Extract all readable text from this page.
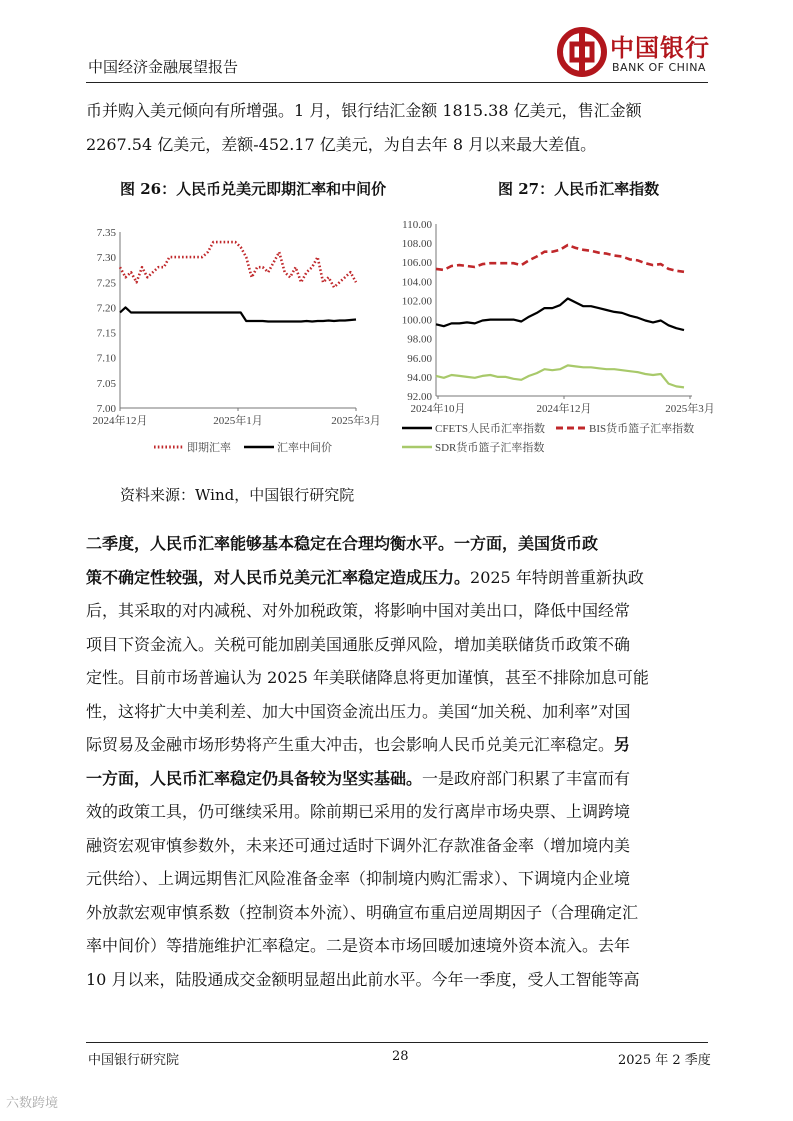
中国经济金融展望报告
中国银行
BANK OF CHINA
币并购入美元倾向有所增强。1 月，银行结汇金额 1815.38 亿美元，售汇金额
2267.54 亿美元，差额-452.17 亿美元，为自去年 8 月以来最大差值。
图 26：人民币兑美元即期汇率和中间价	图 27：人民币汇率指数
7.35
7.30
7.25
7.20
7.15
7.10
7.05
7.00
2024年12月	2025年1月	2025年3月
即期汇率	汇率中间价
110.00
108.00
106.00
104.00
102.00
100.00
98.00
96.00
94.00
92.00
2024年10月	2024年12月	2025年3月
CFETS人民币汇率指数	BIS货币篮子汇率指数
SDR货币篮子汇率指数
资料来源：Wind，中国银行研究院
二季度，人民币汇率能够基本稳定在合理均衡水平。一方面，美国货币政
策不确定性较强，对人民币兑美元汇率稳定造成压力。2025 年特朗普重新执政
后，其采取的对内减税、对外加税政策，将影响中国对美出口，降低中国经常
项目下资金流入。关税可能加剧美国通胀反弹风险，增加美联储货币政策不确
定性。目前市场普遍认为 2025 年美联储降息将更加谨慎，甚至不排除加息可能
性，这将扩大中美利差、加大中国资金流出压力。美国“加关税、加利率”对国
际贸易及金融市场形势将产生重大冲击，也会影响人民币兑美元汇率稳定。另
一方面，人民币汇率稳定仍具备较为坚实基础。一是政府部门积累了丰富而有
效的政策工具，仍可继续采用。除前期已采用的发行离岸市场央票、上调跨境
融资宏观审慎参数外，未来还可通过适时下调外汇存款准备金率（增加境内美
元供给）、上调远期售汇风险准备金率（抑制境内购汇需求）、下调境内企业境
外放款宏观审慎系数（控制资本外流）、明确宣布重启逆周期因子（合理确定汇
率中间价）等措施维护汇率稳定。二是资本市场回暖加速境外资本流入。去年
10 月以来，陆股通成交金额明显超出此前水平。今年一季度，受人工智能等高
中国银行研究院	28	2025 年 2 季度
六数跨境
